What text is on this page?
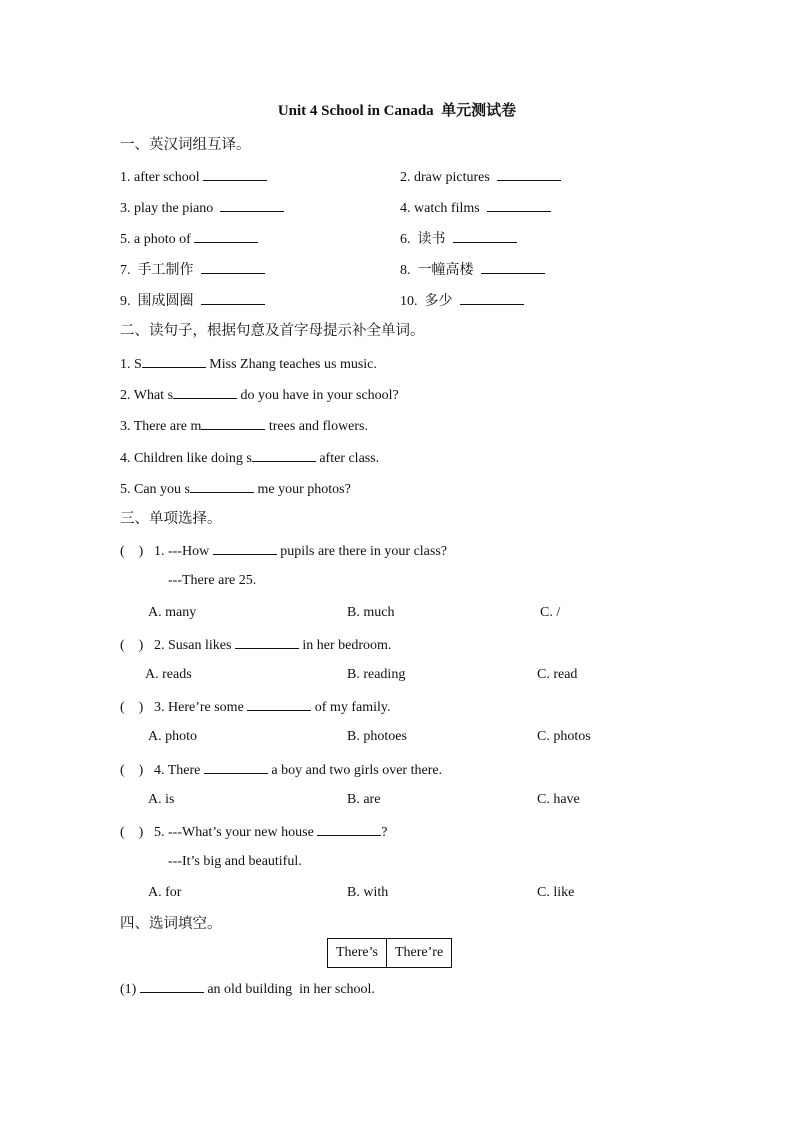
Unit 4 School in Canada  单元测试卷
一、英汉词组互译。
1. after school	2. draw pictures
3. play the piano	4. watch films
5. a photo of	6. 读书
7. 手工制作	8. 一幢高楼
9. 围成圆圈	10. 多少
二、读句子，根据句意及首字母提示补全单词。
1. S	Miss Zhang teaches us music.
2. What s	do you have in your school?
3. There are m	trees and flowers.
4. Children like doing s	after class.
5. Can you s	me your photos?
三、单项选择。
(    ) 1. ---How	pupils are there in your class?
---There are 25.
A. many	B. much	C. /
(    ) 2. Susan likes	in her bedroom.
A. reads	B. reading	C. read
(    ) 3. Here’re some	of my family.
A. photo	B. photoes	C. photos
(    ) 4. There	a boy and two girls over there.
A. is	B. are	C. have
(    ) 5. ---What’s your new house	?
---It’s big and beautiful.
A. for	B. with	C. like
四、选词填空。
There’s	There’re
(1)	an old building  in her school.
